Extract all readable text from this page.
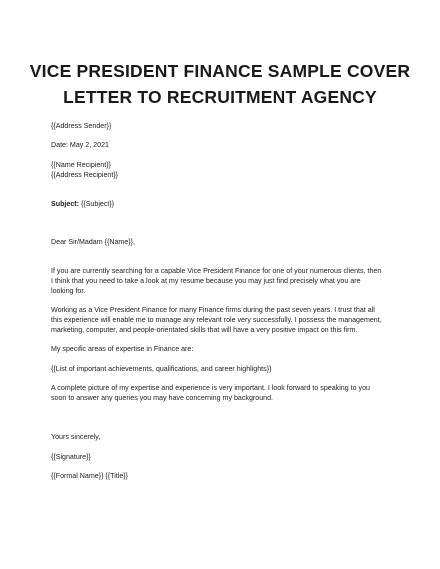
VICE PRESIDENT FINANCE SAMPLE COVER
LETTER TO RECRUITMENT AGENCY
{{Address Sender}}
Date: May 2, 2021
{{Name Recipient}}
{{Address Recipient}}
Subject: {{Subject}}
Dear Sir/Madam {{Name}},
If you are currently searching for a capable Vice President Finance for one of your numerous clients, then
I think that you need to take a look at my resume because you may just find precisely what you are
looking for.
Working as a Vice President Finance for many Finance firms during the past seven years. I trust that all
this experience will enable me to manage any relevant role very successfully. I possess the management,
marketing, computer, and people-orientated skills that will have a very positive impact on this firm.
My specific areas of expertise in Finance are:
{{List of important achievements, qualifications, and career highlights}}
A complete picture of my expertise and experience is very important. I look forward to speaking to you
soon to answer any queries you may have concerning my background.
Yours sincerely,
{{Signature}}
{{Formal Name}} {{Title}}
